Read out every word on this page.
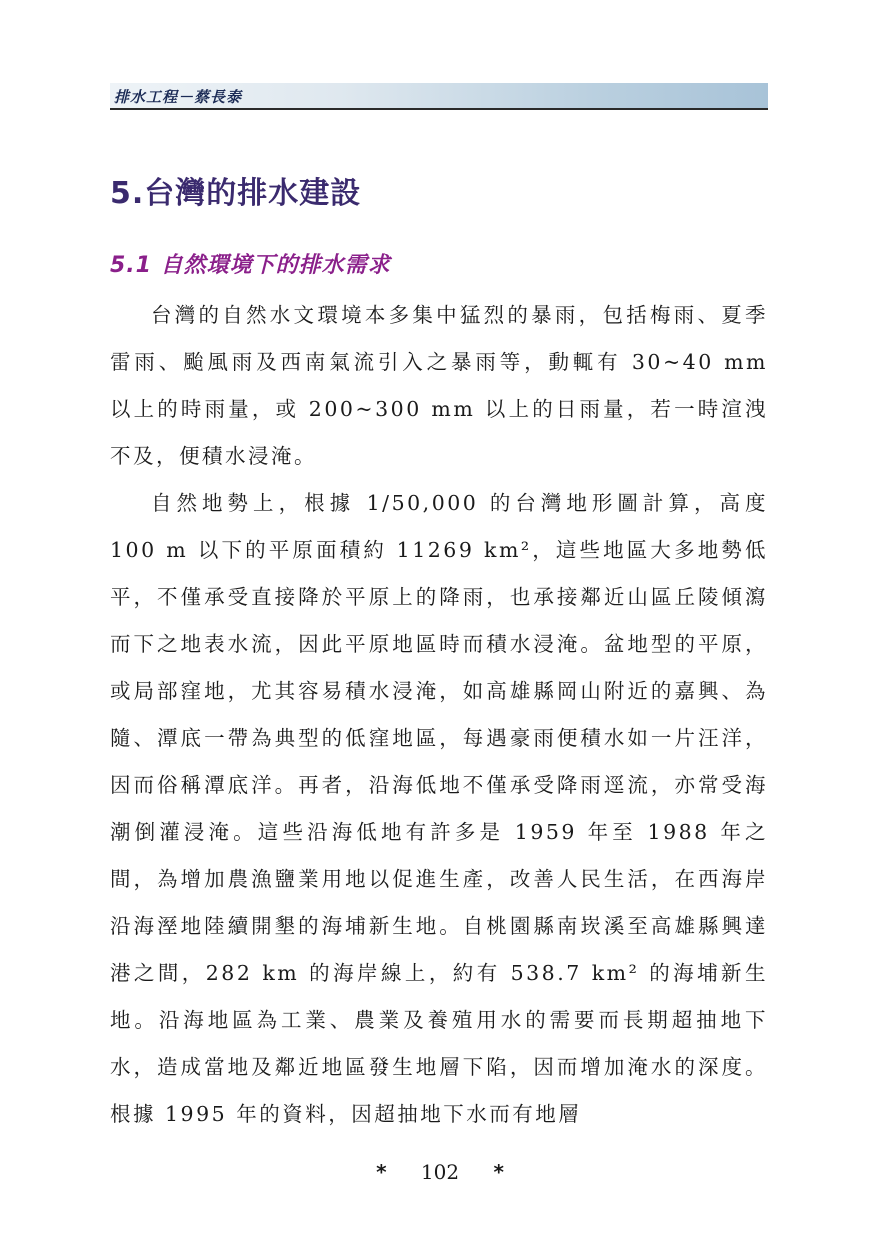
排水工程－蔡長泰
5.台灣的排水建設
5.1 自然環境下的排水需求

台灣的自然水文環境本多集中猛烈的暴雨，包括梅雨、夏季雷雨、颱風雨及西南氣流引入之暴雨等，動輒有 30~40 mm 以上的時雨量，或 200~300 mm 以上的日雨量，若一時渲洩不及，便積水浸淹。

自然地勢上，根據 1/50,000 的台灣地形圖計算，高度 100 m 以下的平原面積約 11269 km²，這些地區大多地勢低平，不僅承受直接降於平原上的降雨，也承接鄰近山區丘陵傾瀉而下之地表水流，因此平原地區時而積水浸淹。盆地型的平原，或局部窪地，尤其容易積水浸淹，如高雄縣岡山附近的嘉興、為隨、潭底一帶為典型的低窪地區，每遇豪雨便積水如一片汪洋，因而俗稱潭底洋。再者，沿海低地不僅承受降雨逕流，亦常受海潮倒灌浸淹。這些沿海低地有許多是 1959 年至 1988 年之間，為增加農漁鹽業用地以促進生產，改善人民生活，在西海岸沿海溼地陸續開墾的海埔新生地。自桃園縣南崁溪至高雄縣興達港之間，282 km 的海岸線上，約有 538.7 km² 的海埔新生地。沿海地區為工業、農業及養殖用水的需要而長期超抽地下水，造成當地及鄰近地區發生地層下陷，因而增加淹水的深度。根據 1995 年的資料，因超抽地下水而有地層

* 102 *
